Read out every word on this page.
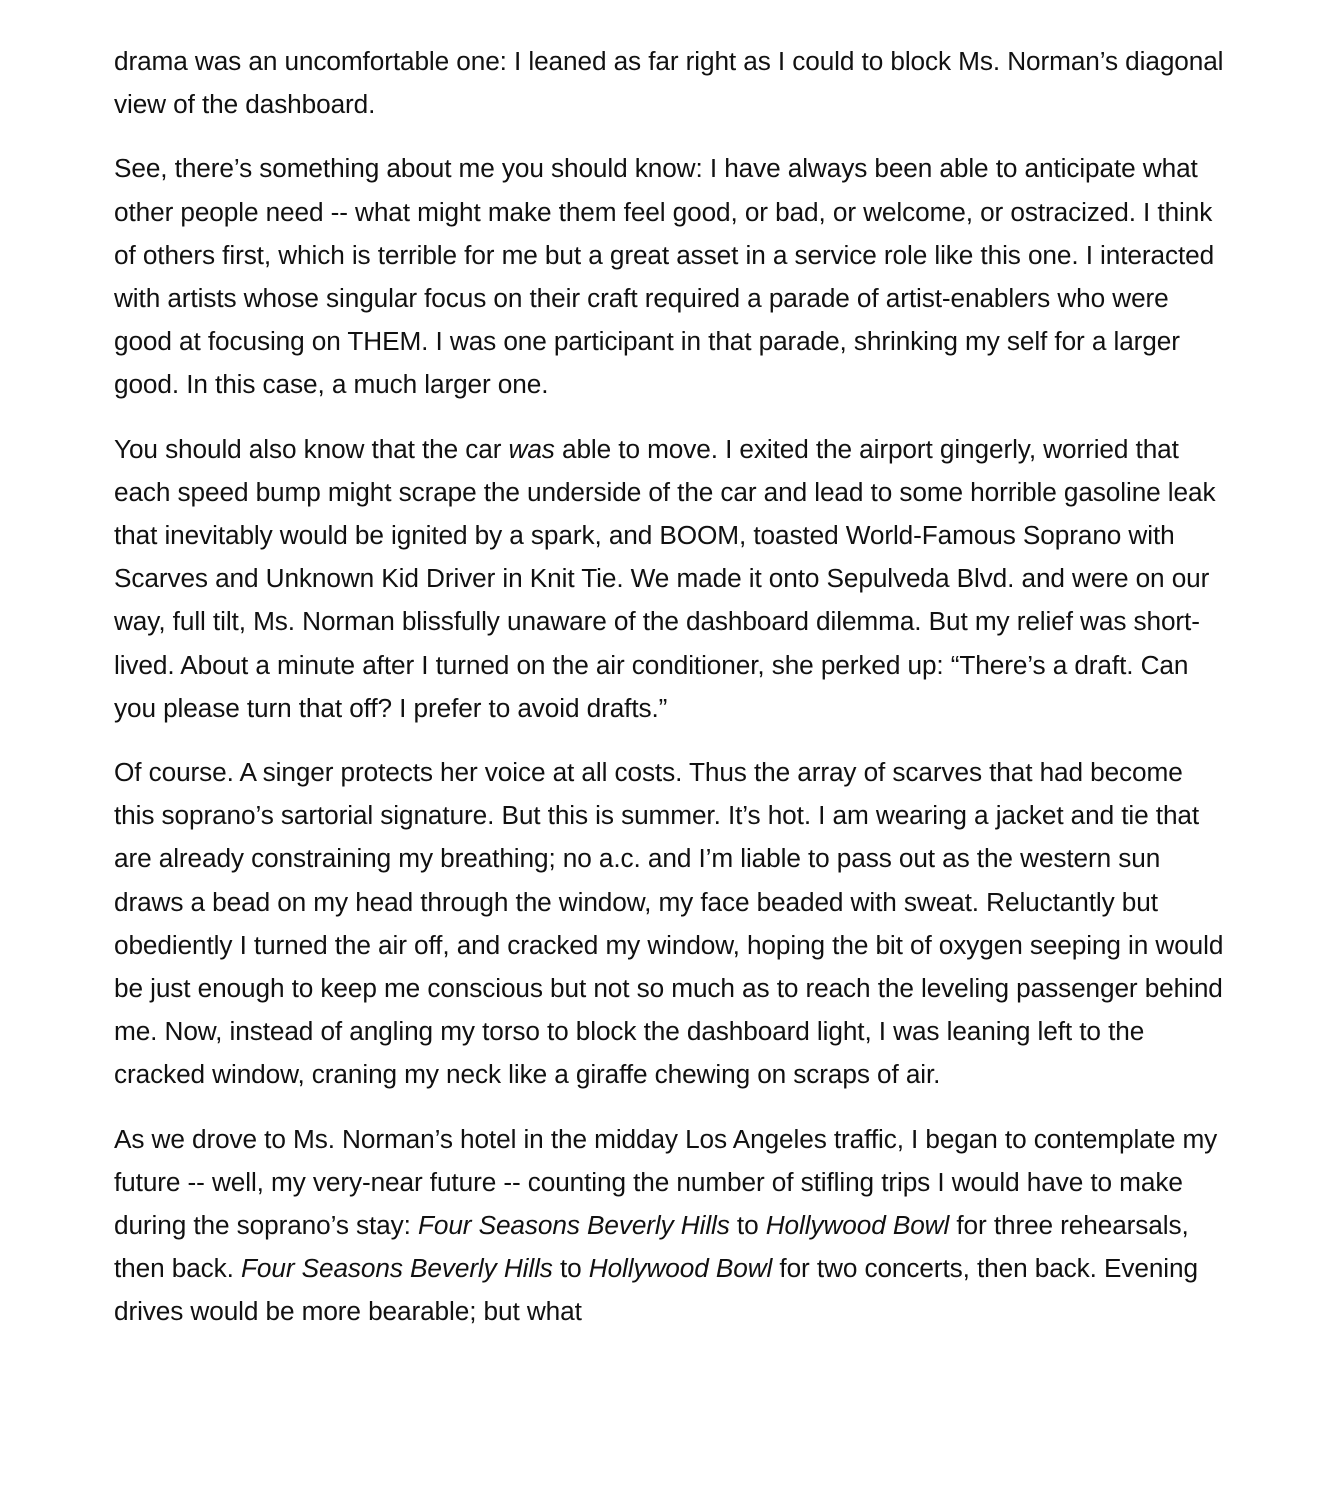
drama was an uncomfortable one: I leaned as far right as I could to block Ms. Norman’s diagonal view of the dashboard.

See, there’s something about me you should know: I have always been able to anticipate what other people need -- what might make them feel good, or bad, or welcome, or ostracized. I think of others first, which is terrible for me but a great asset in a service role like this one. I interacted with artists whose singular focus on their craft required a parade of artist-enablers who were good at focusing on THEM. I was one participant in that parade, shrinking my self for a larger good. In this case, a much larger one.

You should also know that the car was able to move. I exited the airport gingerly, worried that each speed bump might scrape the underside of the car and lead to some horrible gasoline leak that inevitably would be ignited by a spark, and BOOM, toasted World-Famous Soprano with Scarves and Unknown Kid Driver in Knit Tie. We made it onto Sepulveda Blvd. and were on our way, full tilt, Ms. Norman blissfully unaware of the dashboard dilemma. But my relief was short-lived. About a minute after I turned on the air conditioner, she perked up: “There’s a draft. Can you please turn that off? I prefer to avoid drafts.”

Of course. A singer protects her voice at all costs. Thus the array of scarves that had become this soprano’s sartorial signature. But this is summer. It’s hot. I am wearing a jacket and tie that are already constraining my breathing; no a.c. and I’m liable to pass out as the western sun draws a bead on my head through the window, my face beaded with sweat. Reluctantly but obediently I turned the air off, and cracked my window, hoping the bit of oxygen seeping in would be just enough to keep me conscious but not so much as to reach the leveling passenger behind me. Now, instead of angling my torso to block the dashboard light, I was leaning left to the cracked window, craning my neck like a giraffe chewing on scraps of air.

As we drove to Ms. Norman’s hotel in the midday Los Angeles traffic, I began to contemplate my future -- well, my very-near future -- counting the number of stifling trips I would have to make during the soprano’s stay: Four Seasons Beverly Hills to Hollywood Bowl for three rehearsals, then back. Four Seasons Beverly Hills to Hollywood Bowl for two concerts, then back. Evening drives would be more bearable; but what
